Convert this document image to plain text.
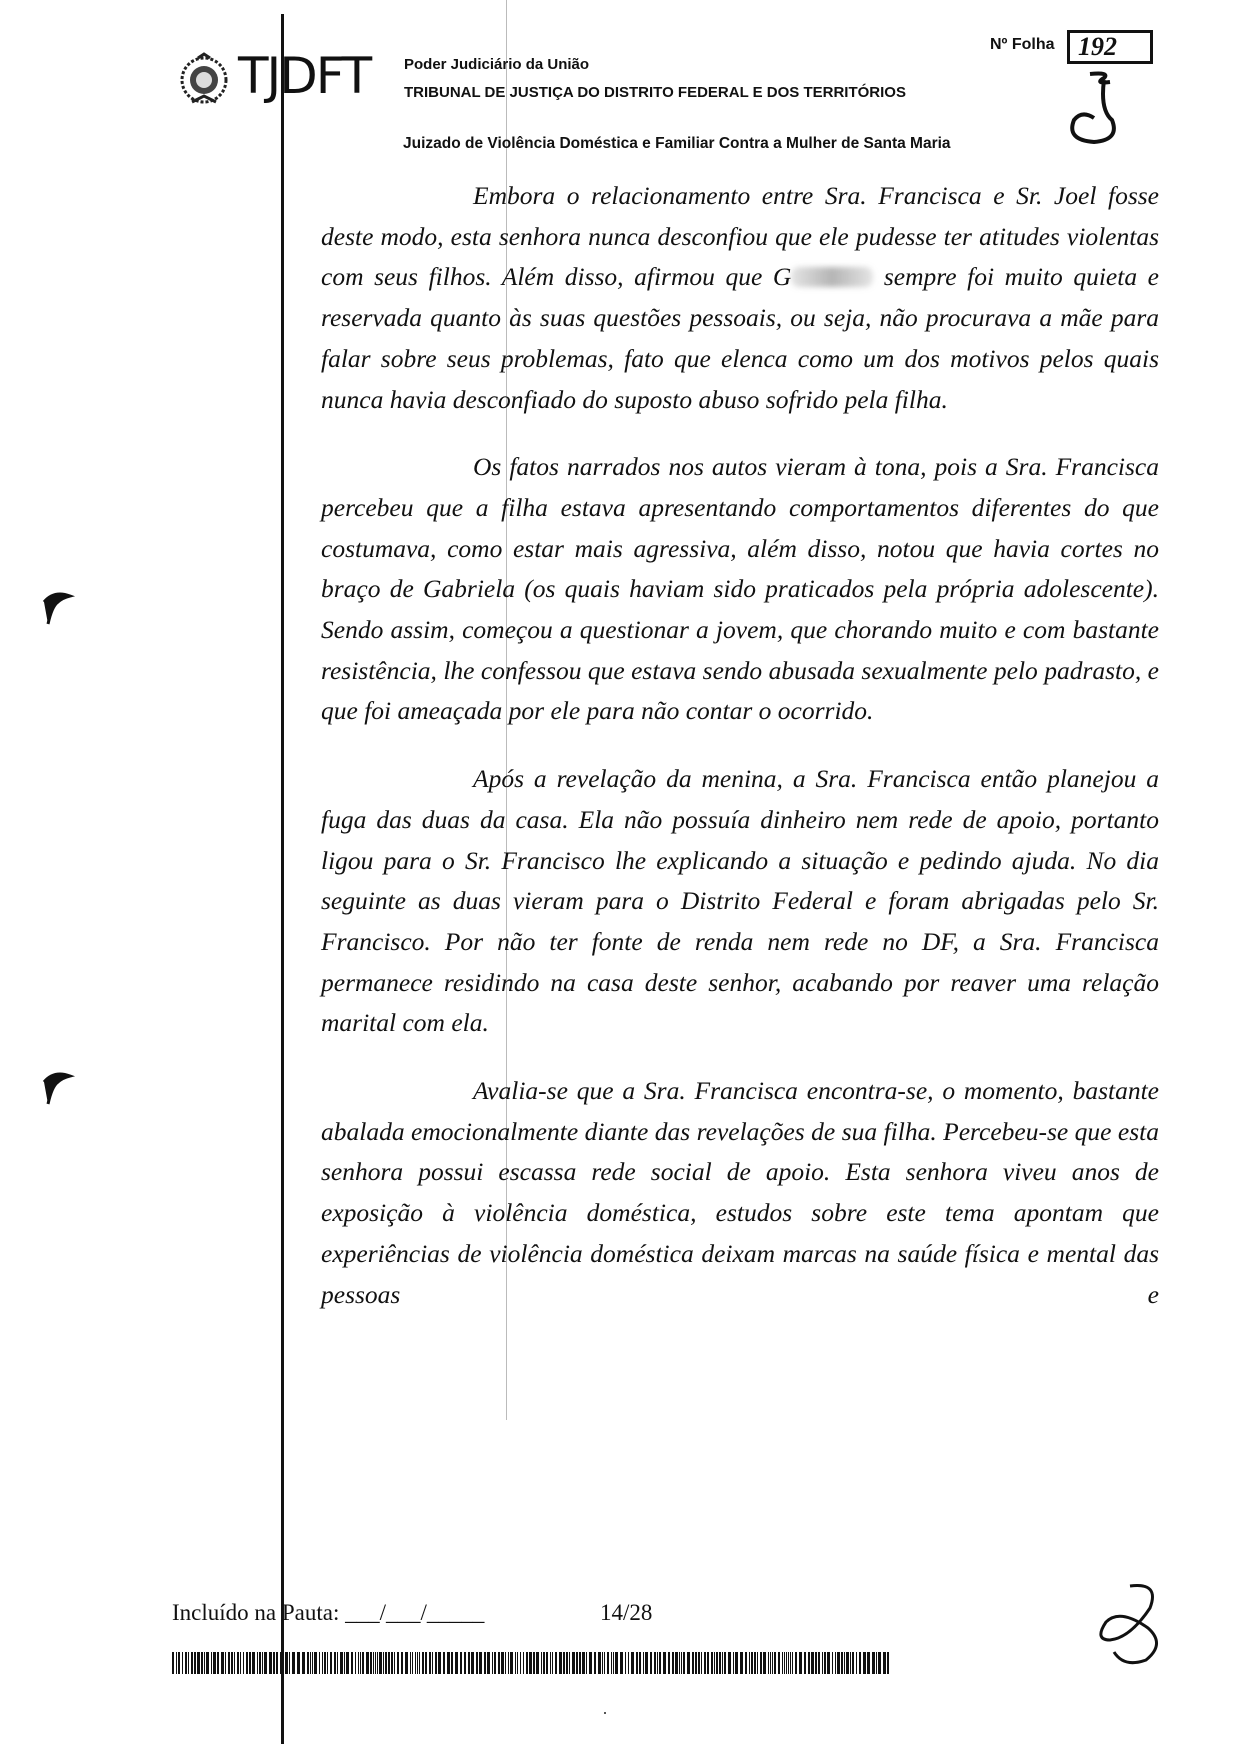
TJDFT Poder Judiciário da União
TRIBUNAL DE JUSTIÇA DO DISTRITO FEDERAL E DOS TERRITÓRIOS
Juizado de Violência Doméstica e Familiar Contra a Mulher de Santa Maria
Nº Folha 192

Embora o relacionamento entre Sra. Francisca e Sr. Joel fosse deste modo, esta senhora nunca desconfiou que ele pudesse ter atitudes violentas com seus filhos. Além disso, afirmou que G	sempre foi muito quieta e reservada quanto às suas questões pessoais, ou seja, não procurava a mãe para falar sobre seus problemas, fato que elenca como um dos motivos pelos quais nunca havia desconfiado do suposto abuso sofrido pela filha.

Os fatos narrados nos autos vieram à tona, pois a Sra. Francisca percebeu que a filha estava apresentando comportamentos diferentes do que costumava, como estar mais agressiva, além disso, notou que havia cortes no braço de Gabriela (os quais haviam sido praticados pela própria adolescente). Sendo assim, começou a questionar a jovem, que chorando muito e com bastante resistência, lhe confessou que estava sendo abusada sexualmente pelo padrasto, e que foi ameaçada por ele para não contar o ocorrido.

Após a revelação da menina, a Sra. Francisca então planejou a fuga das duas da casa. Ela não possuía dinheiro nem rede de apoio, portanto ligou para o Sr. Francisco lhe explicando a situação e pedindo ajuda. No dia seguinte as duas vieram para o Distrito Federal e foram abrigadas pelo Sr. Francisco. Por não ter fonte de renda nem rede no DF, a Sra. Francisca permanece residindo na casa deste senhor, acabando por reaver uma relação marital com ela.

Avalia-se que a Sra. Francisca encontra-se, o momento, bastante abalada emocionalmente diante das revelações de sua filha. Percebeu-se que esta senhora possui escassa rede social de apoio. Esta senhora viveu anos de exposição à violência doméstica, estudos sobre este tema apontam que experiências de violência doméstica deixam marcas na saúde física e mental das pessoas e

Incluído na Pauta: ___/___/_____	14/28
